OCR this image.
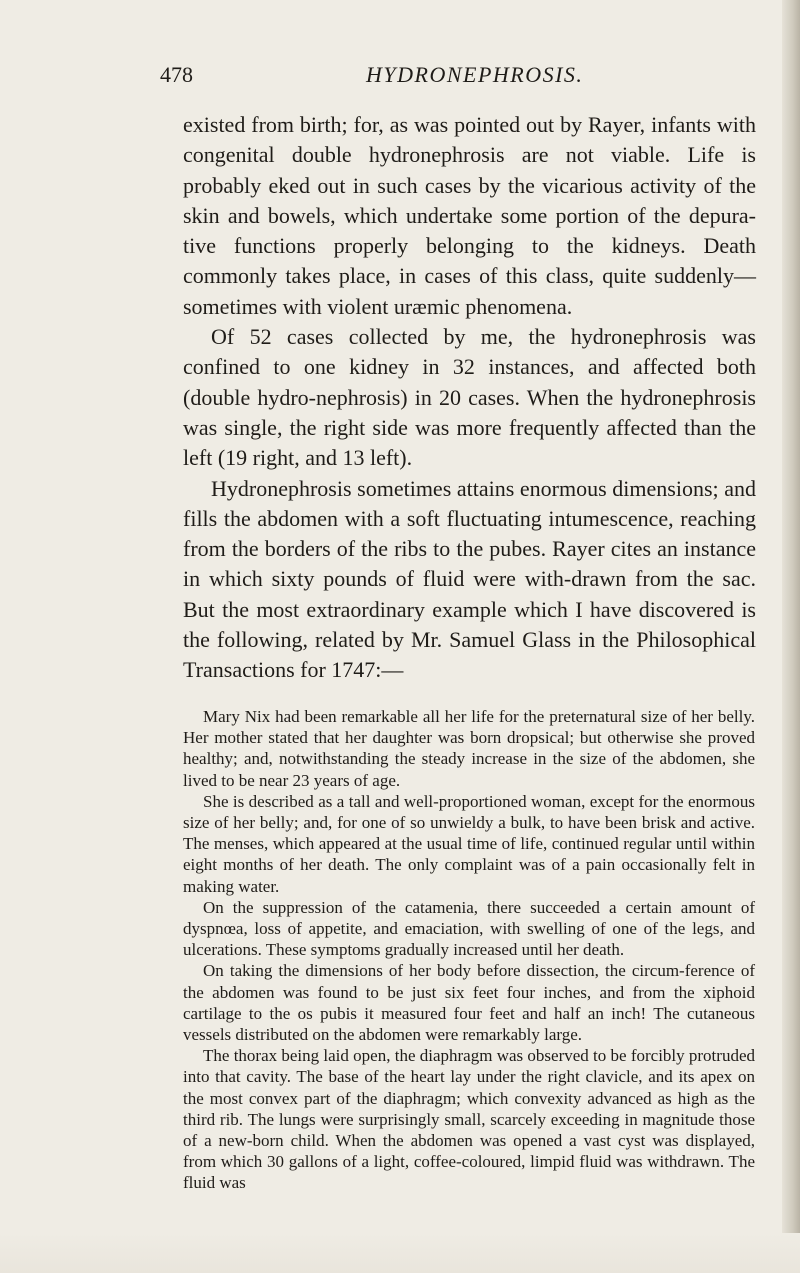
478	HYDRONEPHROSIS.

existed from birth; for, as was pointed out by Rayer, infants with congenital double hydronephrosis are not viable. Life is probably eked out in such cases by the vicarious activity of the skin and bowels, which undertake some portion of the depura-tive functions properly belonging to the kidneys. Death commonly takes place, in cases of this class, quite suddenly— sometimes with violent uræmic phenomena.

Of 52 cases collected by me, the hydronephrosis was confined to one kidney in 32 instances, and affected both (double hydro-nephrosis) in 20 cases. When the hydronephrosis was single, the right side was more frequently affected than the left (19 right, and 13 left).

Hydronephrosis sometimes attains enormous dimensions; and fills the abdomen with a soft fluctuating intumescence, reaching from the borders of the ribs to the pubes. Rayer cites an instance in which sixty pounds of fluid were with-drawn from the sac. But the most extraordinary example which I have discovered is the following, related by Mr. Samuel Glass in the Philosophical Transactions for 1747:—

Mary Nix had been remarkable all her life for the preternatural size of her belly. Her mother stated that her daughter was born dropsical; but otherwise she proved healthy; and, notwithstanding the steady increase in the size of the abdomen, she lived to be near 23 years of age.

She is described as a tall and well-proportioned woman, except for the enormous size of her belly; and, for one of so unwieldy a bulk, to have been brisk and active. The menses, which appeared at the usual time of life, continued regular until within eight months of her death. The only complaint was of a pain occasionally felt in making water.

On the suppression of the catamenia, there succeeded a certain amount of dyspnœa, loss of appetite, and emaciation, with swelling of one of the legs, and ulcerations. These symptoms gradually increased until her death.

On taking the dimensions of her body before dissection, the circum-ference of the abdomen was found to be just six feet four inches, and from the xiphoid cartilage to the os pubis it measured four feet and half an inch! The cutaneous vessels distributed on the abdomen were remarkably large.

The thorax being laid open, the diaphragm was observed to be forcibly protruded into that cavity. The base of the heart lay under the right clavicle, and its apex on the most convex part of the diaphragm; which convexity advanced as high as the third rib. The lungs were surprisingly small, scarcely exceeding in magnitude those of a new-born child. When the abdomen was opened a vast cyst was displayed, from which 30 gallons of a light, coffee-coloured, limpid fluid was withdrawn. The fluid was
